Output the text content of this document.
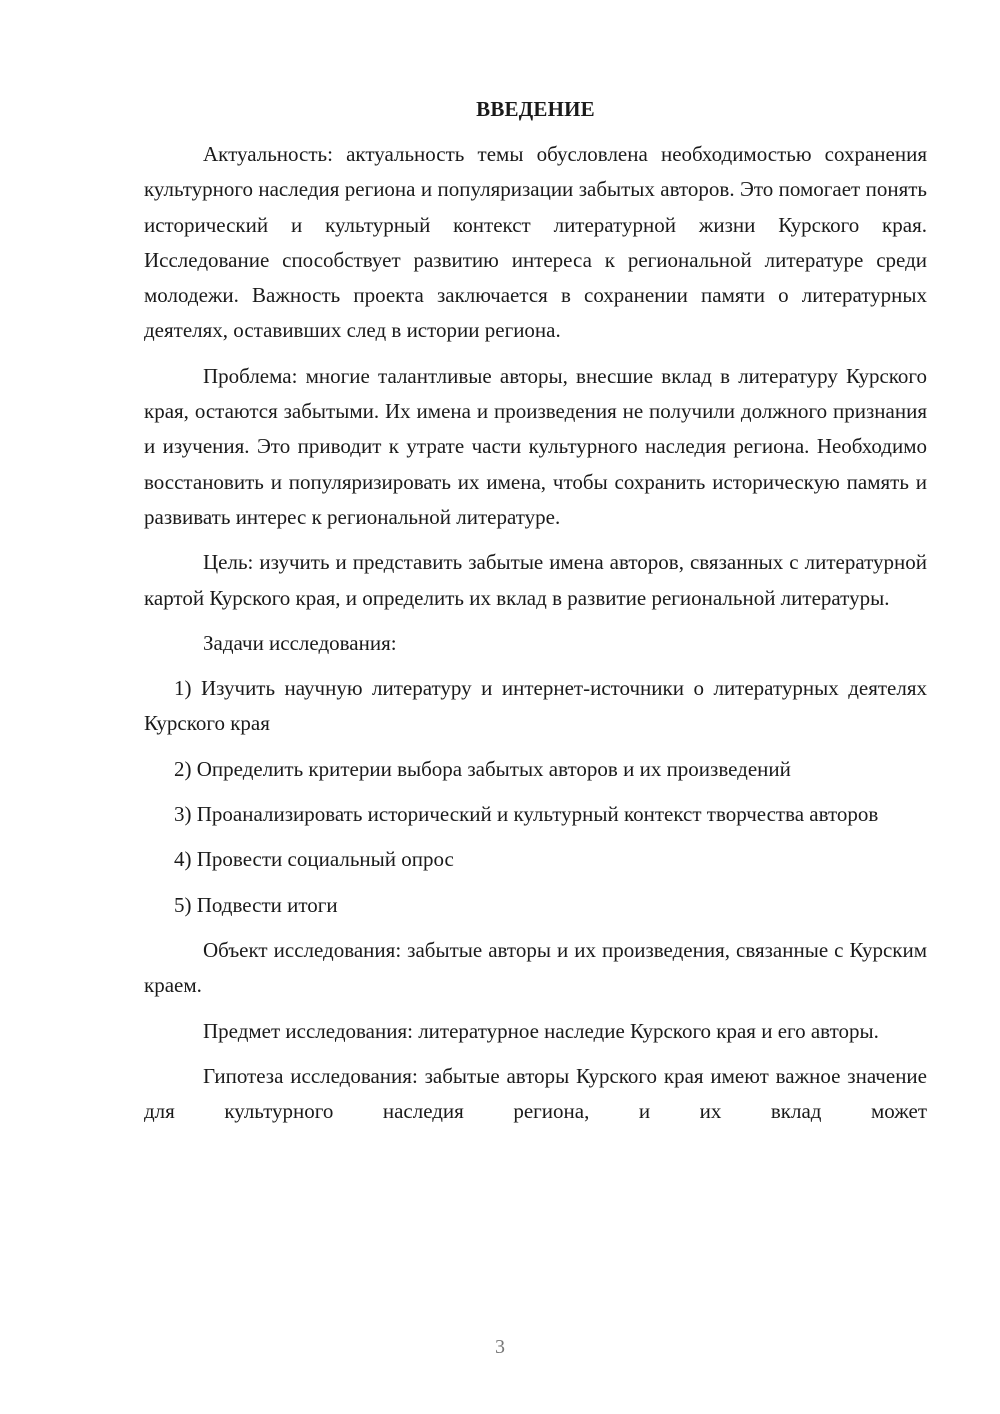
ВВЕДЕНИЕ

Актуальность: актуальность темы обусловлена необходимостью сохранения культурного наследия региона и популяризации забытых авторов. Это помогает понять исторический и культурный контекст литературной жизни Курского края. Исследование способствует развитию интереса к региональной литературе среди молодежи. Важность проекта заключается в сохранении памяти о литературных деятелях, оставивших след в истории региона.

Проблема: многие талантливые авторы, внесшие вклад в литературу Курского края, остаются забытыми. Их имена и произведения не получили должного признания и изучения. Это приводит к утрате части культурного наследия региона. Необходимо восстановить и популяризировать их имена, чтобы сохранить историческую память и развивать интерес к региональной литературе.

Цель: изучить и представить забытые имена авторов, связанных с литературной картой Курского края, и определить их вклад в развитие региональной литературы.

Задачи исследования:

1) Изучить научную литературу и интернет-источники о литературных деятелях Курского края

2) Определить критерии выбора забытых авторов и их произведений

3) Проанализировать исторический и культурный контекст творчества авторов

4) Провести социальный опрос

5) Подвести итоги

Объект исследования: забытые авторы и их произведения, связанные с Курским краем.

Предмет исследования: литературное наследие Курского края и его авторы.

Гипотеза исследования: забытые авторы Курского края имеют важное значение для культурного наследия региона, и их вклад может

3
